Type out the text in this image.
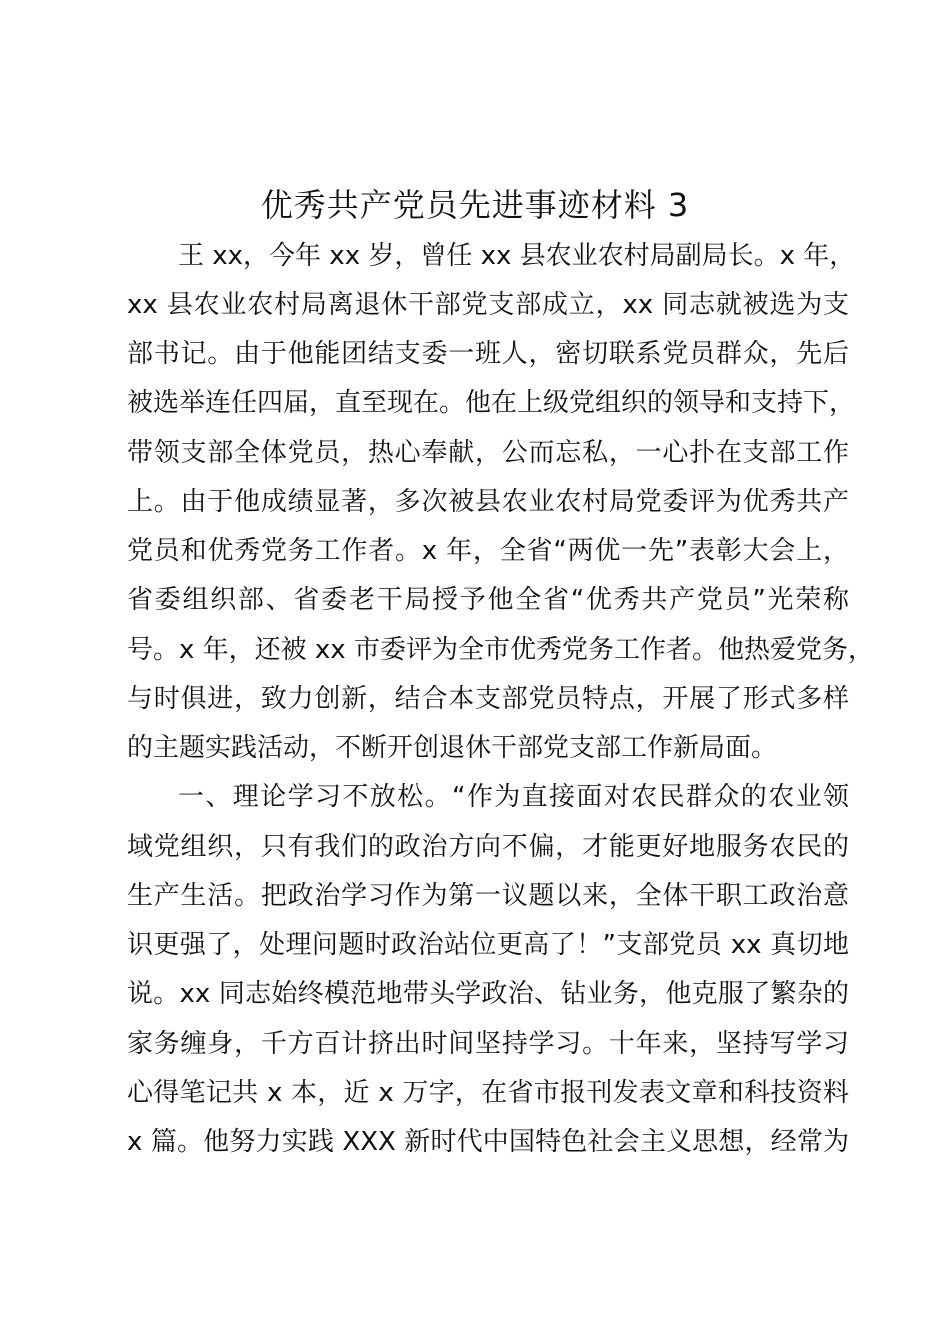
优秀共产党员先进事迹材料 3

王 xx，今年 xx 岁，曾任 xx 县农业农村局副局长。x 年，

xx 县农业农村局离退休干部党支部成立，xx 同志就被选为支

部书记。由于他能团结支委一班人，密切联系党员群众，先后

被选举连任四届，直至现在。他在上级党组织的领导和支持下，

带领支部全体党员，热心奉献，公而忘私，一心扑在支部工作

上。由于他成绩显著，多次被县农业农村局党委评为优秀共产

党员和优秀党务工作者。x 年，全省“两优一先”表彰大会上，

省委组织部、省委老干局授予他全省“优秀共产党员”光荣称

号。x 年，还被 xx 市委评为全市优秀党务工作者。他热爱党务，

与时俱进，致力创新，结合本支部党员特点，开展了形式多样

的主题实践活动，不断开创退休干部党支部工作新局面。

一、理论学习不放松。“作为直接面对农民群众的农业领

域党组织，只有我们的政治方向不偏，才能更好地服务农民的

生产生活。把政治学习作为第一议题以来，全体干职工政治意

识更强了，处理问题时政治站位更高了！”支部党员 xx 真切地

说。xx 同志始终模范地带头学政治、钻业务，他克服了繁杂的

家务缠身，千方百计挤出时间坚持学习。十年来，坚持写学习

心得笔记共 x 本，近 x 万字，在省市报刊发表文章和科技资料

x 篇。他努力实践 XXX 新时代中国特色社会主义思想，经常为
